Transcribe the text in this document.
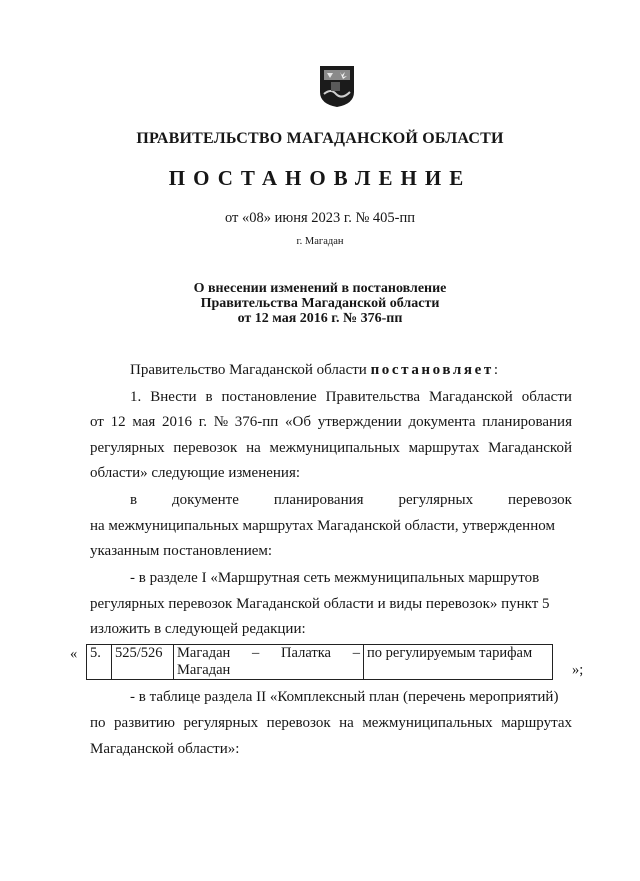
ПРАВИТЕЛЬСТВО МАГАДАНСКОЙ ОБЛАСТИ
ПОСТАНОВЛЕНИЕ
от «08» июня 2023 г. № 405-пп
г. Магадан
О внесении изменений в постановление
Правительства Магаданской области
от 12 мая 2016 г. № 376-пп
Правительство Магаданской области постановляет:
1. Внести в постановление Правительства Магаданской области
от 12 мая 2016 г. № 376-пп «Об утверждении документа планирования
регулярных перевозок на межмуниципальных маршрутах Магаданской
области» следующие изменения:
в документе планирования регулярных перевозок
на межмуниципальных маршрутах Магаданской области, утвержденном
указанным постановлением:
- в разделе I «Маршрутная сеть межмуниципальных маршрутов
регулярных перевозок Магаданской области и виды перевозок» пункт 5
изложить в следующей редакции:
« 5.	525/526	Магадан – Палатка –
Магадан
	по регулируемым тарифам
»;
- в таблице раздела II «Комплексный план (перечень мероприятий)
по развитию регулярных перевозок на межмуниципальных маршрутах
Магаданской области»:
